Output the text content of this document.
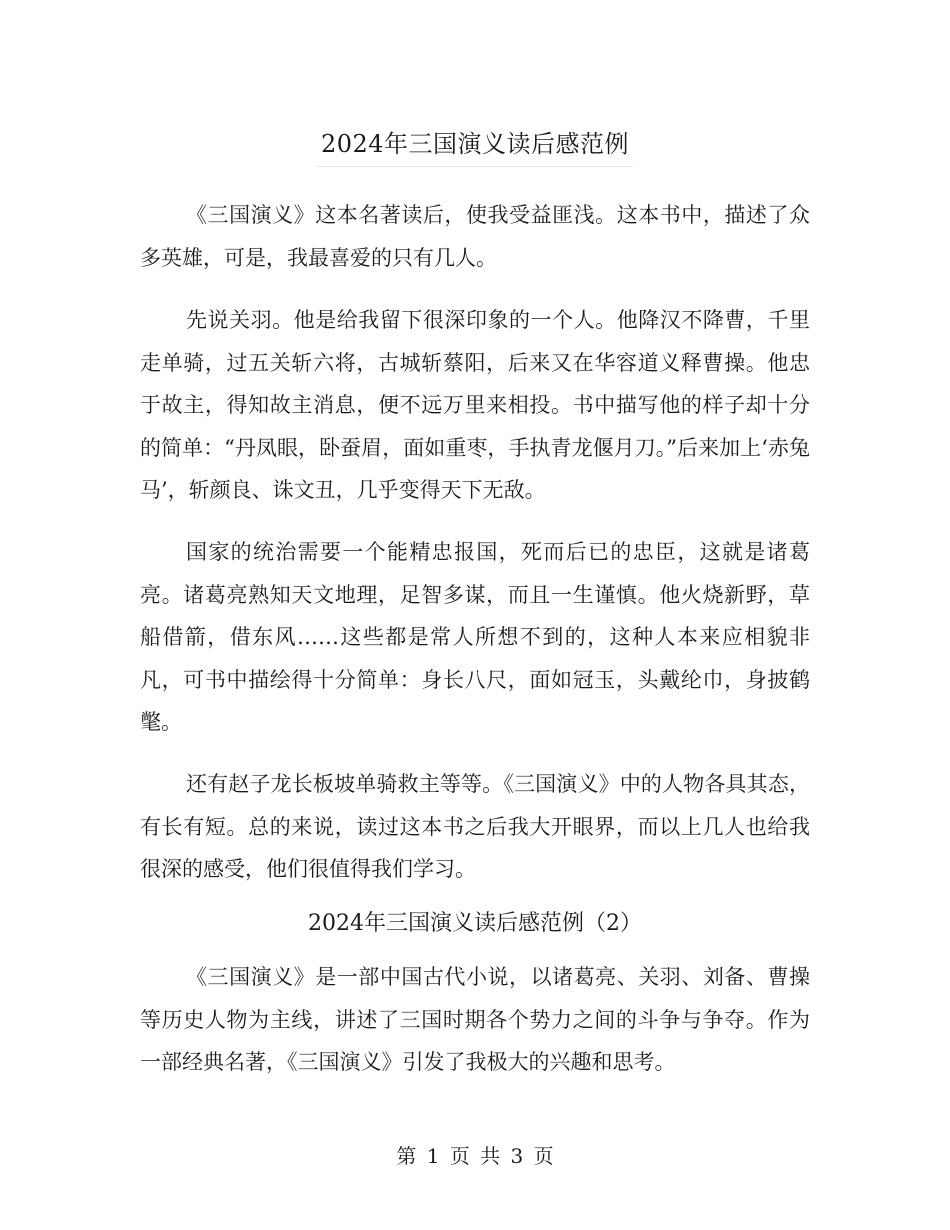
2024年三国演义读后感范例

《三国演义》这本名著读后，使我受益匪浅。这本书中，描述了众多英雄，可是，我最喜爱的只有几人。

先说关羽。他是给我留下很深印象的一个人。他降汉不降曹，千里走单骑，过五关斩六将，古城斩蔡阳，后来又在华容道义释曹操。他忠于故主，得知故主消息，便不远万里来相投。书中描写他的样子却十分的简单：“丹凤眼，卧蚕眉，面如重枣，手执青龙偃月刀。”后来加上‘赤兔马’，斩颜良、诛文丑，几乎变得天下无敌。

国家的统治需要一个能精忠报国，死而后已的忠臣，这就是诸葛亮。诸葛亮熟知天文地理，足智多谋，而且一生谨慎。他火烧新野，草船借箭，借东风……这些都是常人所想不到的，这种人本来应相貌非凡，可书中描绘得十分简单：身长八尺，面如冠玉，头戴纶巾，身披鹤氅。

还有赵子龙长板坡单骑救主等等。《三国演义》中的人物各具其态，有长有短。总的来说，读过这本书之后我大开眼界，而以上几人也给我很深的感受，他们很值得我们学习。

2024年三国演义读后感范例（2）

《三国演义》是一部中国古代小说，以诸葛亮、关羽、刘备、曹操等历史人物为主线，讲述了三国时期各个势力之间的斗争与争夺。作为一部经典名著，《三国演义》引发了我极大的兴趣和思考。

第 1 页 共 3 页
